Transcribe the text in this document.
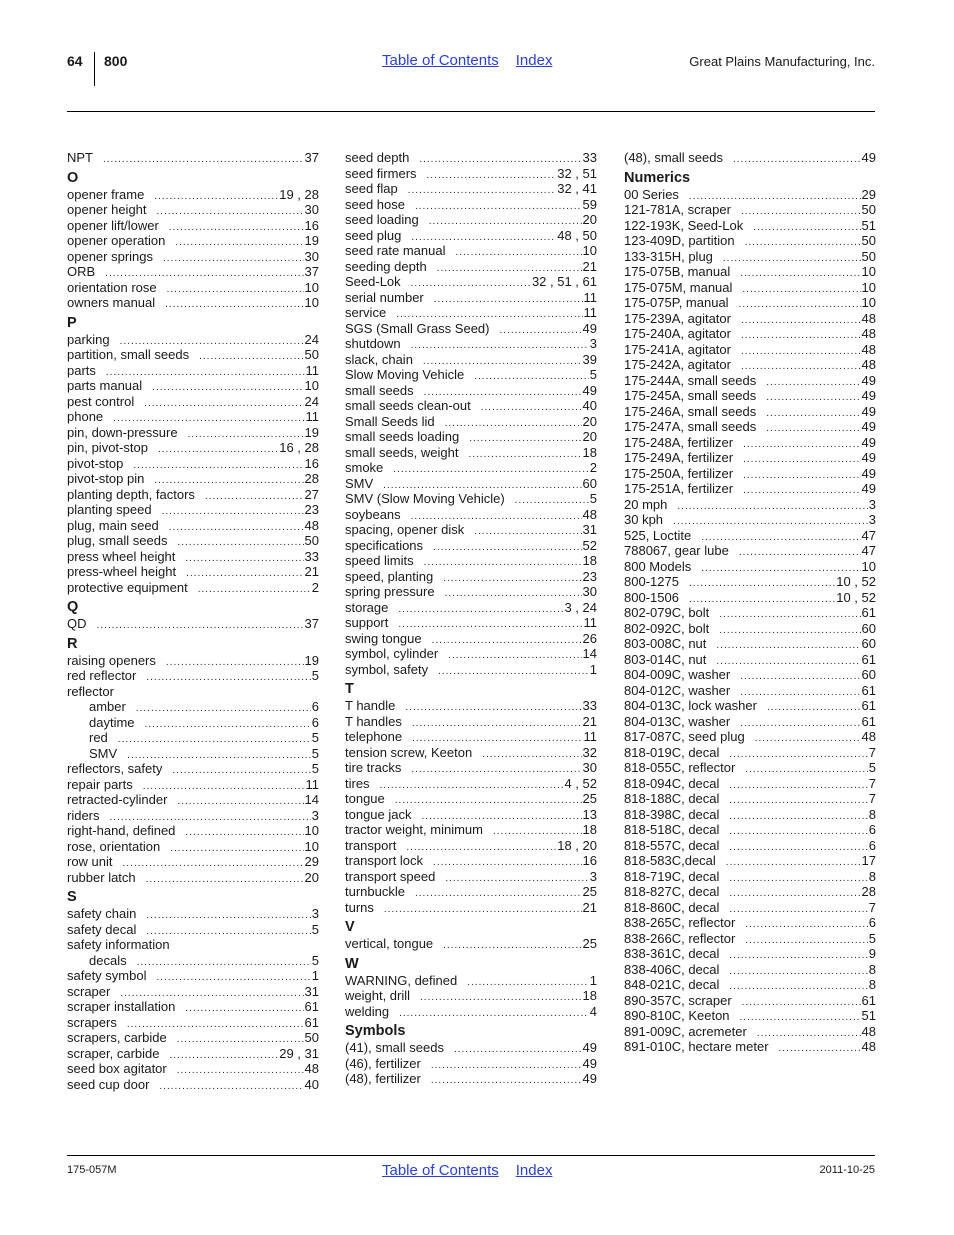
64 800	Table of Contents Index	Great Plains Manufacturing, Inc.
NPT .....	37
O
opener frame .....	19 , 28
opener height .....	30
opener lift/lower .....	16
opener operation .....	19
opener springs .....	30
ORB .....	37
orientation rose .....	10
owners manual .....	10
P
parking .....	24
partition, small seeds .....	50
parts .....	11
parts manual .....	10
pest control .....	24
phone .....	11
pin, down-pressure .....	19
pin, pivot-stop .....	16 , 28
pivot-stop .....	16
pivot-stop pin .....	28
planting depth, factors .....	27
planting speed .....	23
plug, main seed .....	48
plug, small seeds .....	50
press wheel height .....	33
press-wheel height .....	21
protective equipment .....	2
Q
QD .....	37
R
raising openers .....	19
red reflector .....	5
reflector
amber .....	6
daytime .....	6
red .....	5
SMV .....	5
reflectors, safety .....	5
repair parts .....	11
retracted-cylinder .....	14
riders .....	3
right-hand, defined .....	10
rose, orientation .....	10
row unit .....	29
rubber latch .....	20
S
safety chain .....	3
safety decal .....	5
safety information
decals .....	5
safety symbol .....	1
scraper .....	31
scraper installation .....	61
scrapers .....	61
scrapers, carbide .....	50
scraper, carbide .....	29 , 31
seed box agitator .....	48
seed cup door .....	40
seed depth .....	33
seed firmers .....	32 , 51
seed flap .....	32 , 41
seed hose .....	59
seed loading .....	20
seed plug .....	48 , 50
seed rate manual .....	10
seeding depth .....	21
Seed-Lok .....	32 , 51 , 61
serial number .....	11
service .....	11
SGS (Small Grass Seed) .....	49
shutdown .....	3
slack, chain .....	39
Slow Moving Vehicle .....	5
small seeds .....	49
small seeds clean-out .....	40
Small Seeds lid .....	20
small seeds loading .....	20
small seeds, weight .....	18
smoke .....	2
SMV .....	60
SMV (Slow Moving Vehicle) .....	5
soybeans .....	48
spacing, opener disk .....	31
specifications .....	52
speed limits .....	18
speed, planting .....	23
spring pressure .....	30
storage .....	3 , 24
support .....	11
swing tongue .....	26
symbol, cylinder .....	14
symbol, safety .....	1
T
T handle .....	33
T handles .....	21
telephone .....	11
tension screw, Keeton .....	32
tire tracks .....	30
tires .....	4 , 52
tongue .....	25
tongue jack .....	13
tractor weight, minimum .....	18
transport .....	18 , 20
transport lock .....	16
transport speed .....	3
turnbuckle .....	25
turns .....	21
V
vertical, tongue .....	25
W
WARNING, defined .....	1
weight, drill .....	18
welding .....	4
Symbols
(41), small seeds .....	49
(46), fertilizer .....	49
(48), fertilizer .....	49
(48), small seeds .....	49
Numerics
00 Series .....	29
121-781A, scraper .....	50
122-193K, Seed-Lok .....	51
123-409D, partition .....	50
133-315H, plug .....	50
175-075B, manual .....	10
175-075M, manual .....	10
175-075P, manual .....	10
175-239A, agitator .....	48
175-240A, agitator .....	48
175-241A, agitator .....	48
175-242A, agitator .....	48
175-244A, small seeds .....	49
175-245A, small seeds .....	49
175-246A, small seeds .....	49
175-247A, small seeds .....	49
175-248A, fertilizer .....	49
175-249A, fertilizer .....	49
175-250A, fertilizer .....	49
175-251A, fertilizer .....	49
20 mph .....	3
30 kph .....	3
525, Loctite .....	47
788067, gear lube .....	47
800 Models .....	10
800-1275 .....	10 , 52
800-1506 .....	10 , 52
802-079C, bolt .....	61
802-092C, bolt .....	60
803-008C, nut .....	60
803-014C, nut .....	61
804-009C, washer .....	60
804-012C, washer .....	61
804-013C, lock washer .....	61
804-013C, washer .....	61
817-087C, seed plug .....	48
818-019C, decal .....	7
818-055C, reflector .....	5
818-094C, decal .....	7
818-188C, decal .....	7
818-398C, decal .....	8
818-518C, decal .....	6
818-557C, decal .....	6
818-583C,decal .....	17
818-719C, decal .....	8
818-827C, decal .....	28
818-860C, decal .....	7
838-265C, reflector .....	6
838-266C, reflector .....	5
838-361C, decal .....	9
838-406C, decal .....	8
848-021C, decal .....	8
890-357C, scraper .....	61
890-810C, Keeton .....	51
891-009C, acremeter .....	48
891-010C, hectare meter .....	48
175-057M	Table of Contents Index	2011-10-25
